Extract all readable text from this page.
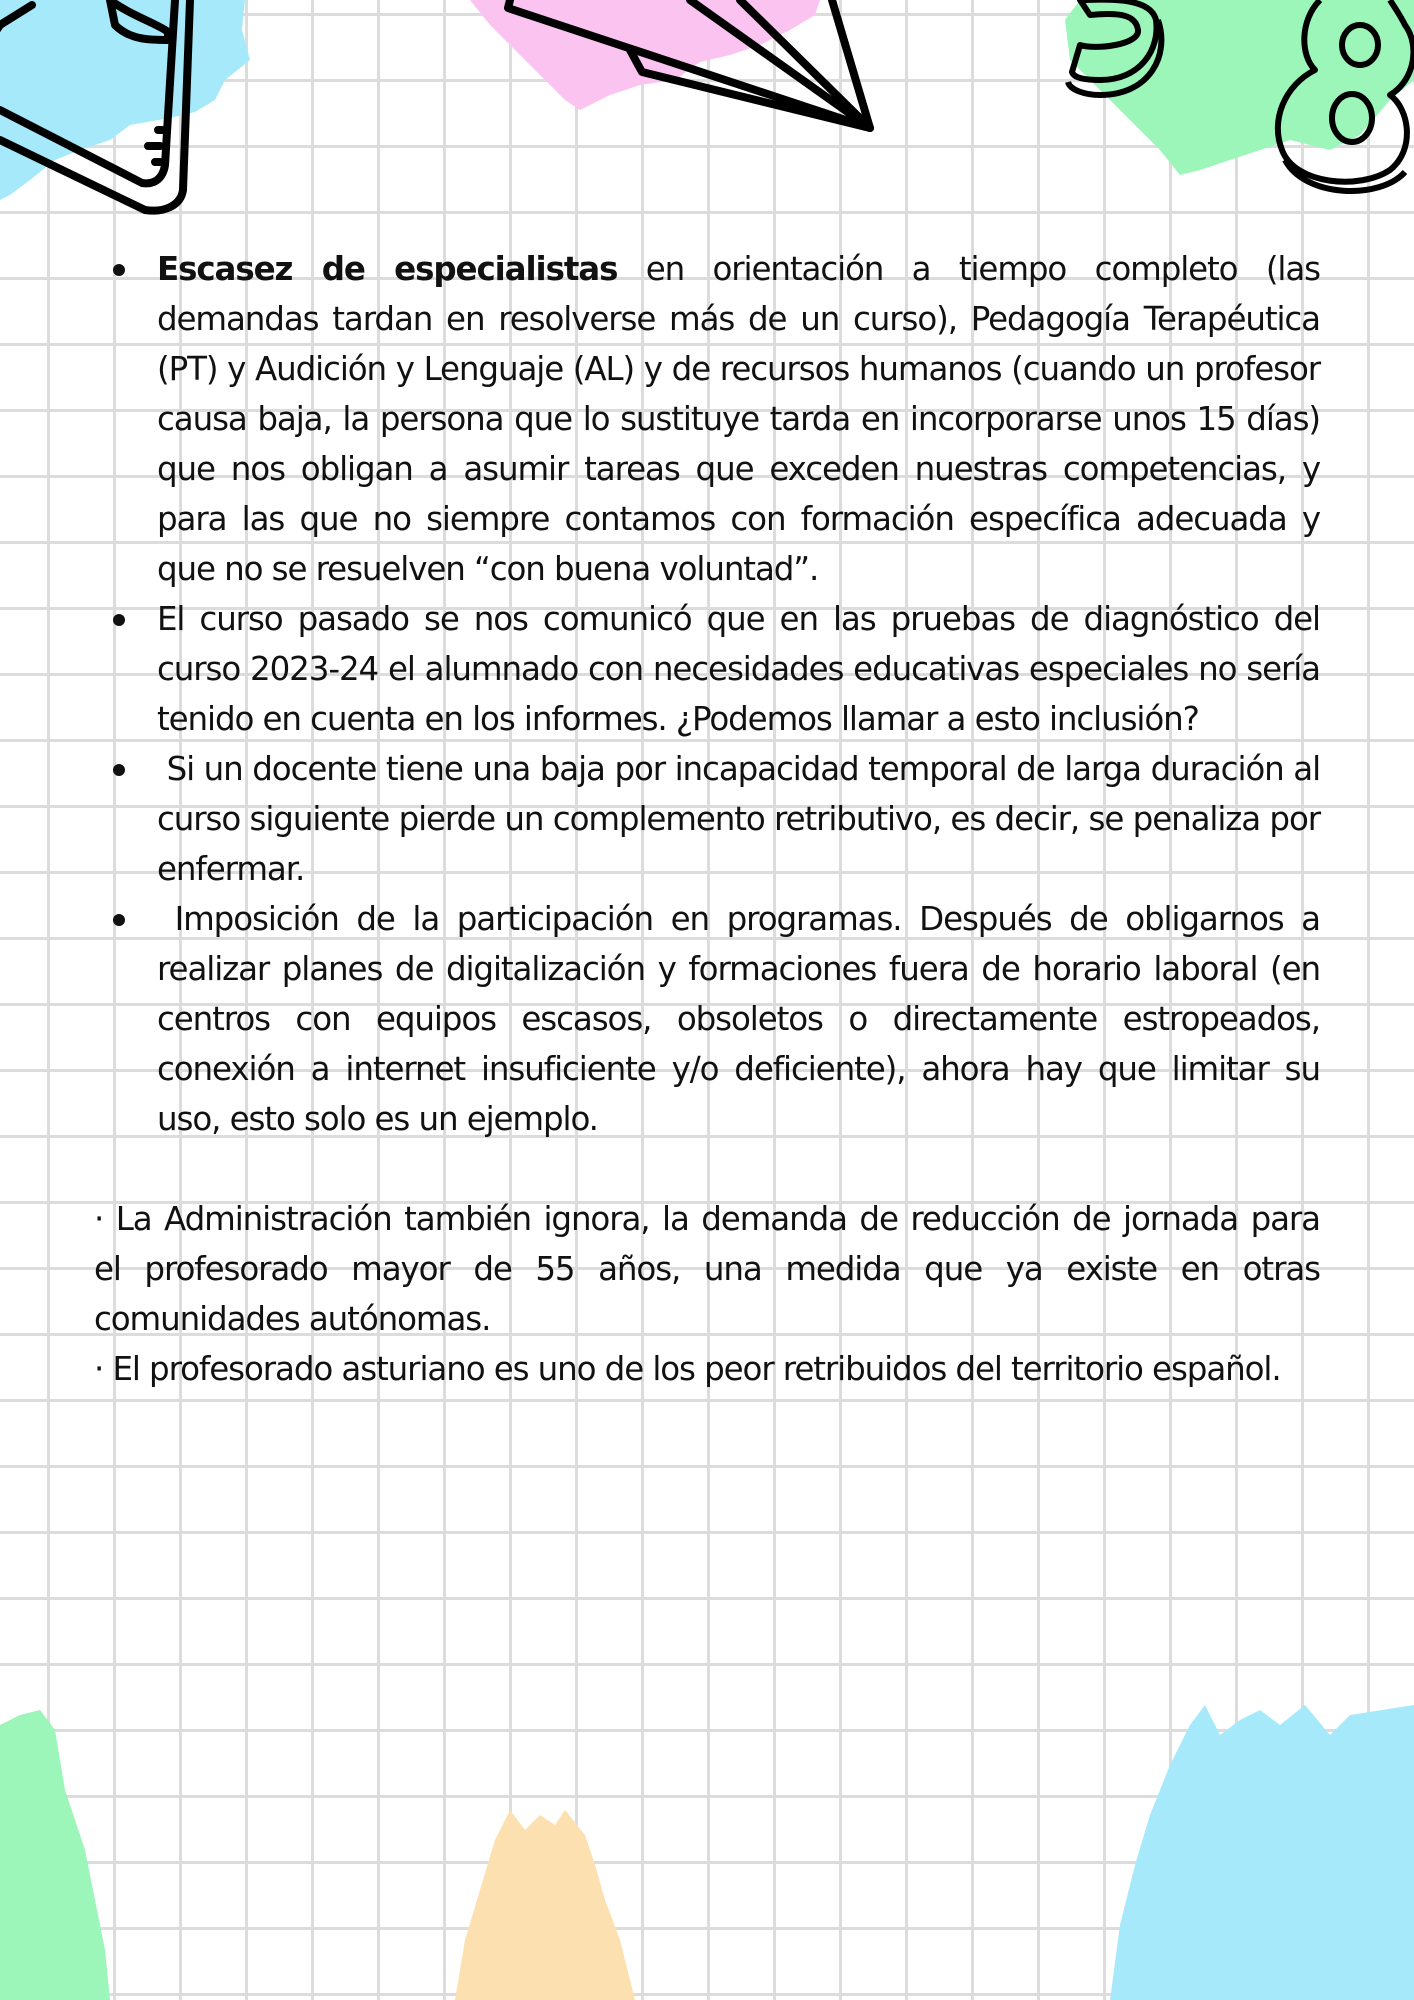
Escasez de especialistas en orientación a tiempo completo (las demandas tardan en resolverse más de un curso), Pedagogía Terapéutica (PT) y Audición y Lenguaje (AL) y de recursos humanos (cuando un profesor causa baja, la persona que lo sustituye tarda en incorporarse unos 15 días) que nos obligan a asumir tareas que exceden nuestras competencias, y para las que no siempre contamos con formación específica adecuada y que no se resuelven “con buena voluntad”.
El curso pasado se nos comunicó que en las pruebas de diagnóstico del curso 2023-24 el alumnado con necesidades educativas especiales no sería tenido en cuenta en los informes. ¿Podemos llamar a esto inclusión?
Si un docente tiene una baja por incapacidad temporal de larga duración al curso siguiente pierde un complemento retributivo, es decir, se penaliza por enfermar.
Imposición de la participación en programas. Después de obligarnos a realizar planes de digitalización y formaciones fuera de horario laboral (en centros con equipos escasos, obsoletos o directamente estropeados, conexión a internet insuficiente y/o deficiente), ahora hay que limitar su uso, esto solo es un ejemplo.

· La Administración también ignora, la demanda de reducción de jornada para el profesorado mayor de 55 años, una medida que ya existe en otras comunidades autónomas.

· El profesorado asturiano es uno de los peor retribuidos del territorio español.
